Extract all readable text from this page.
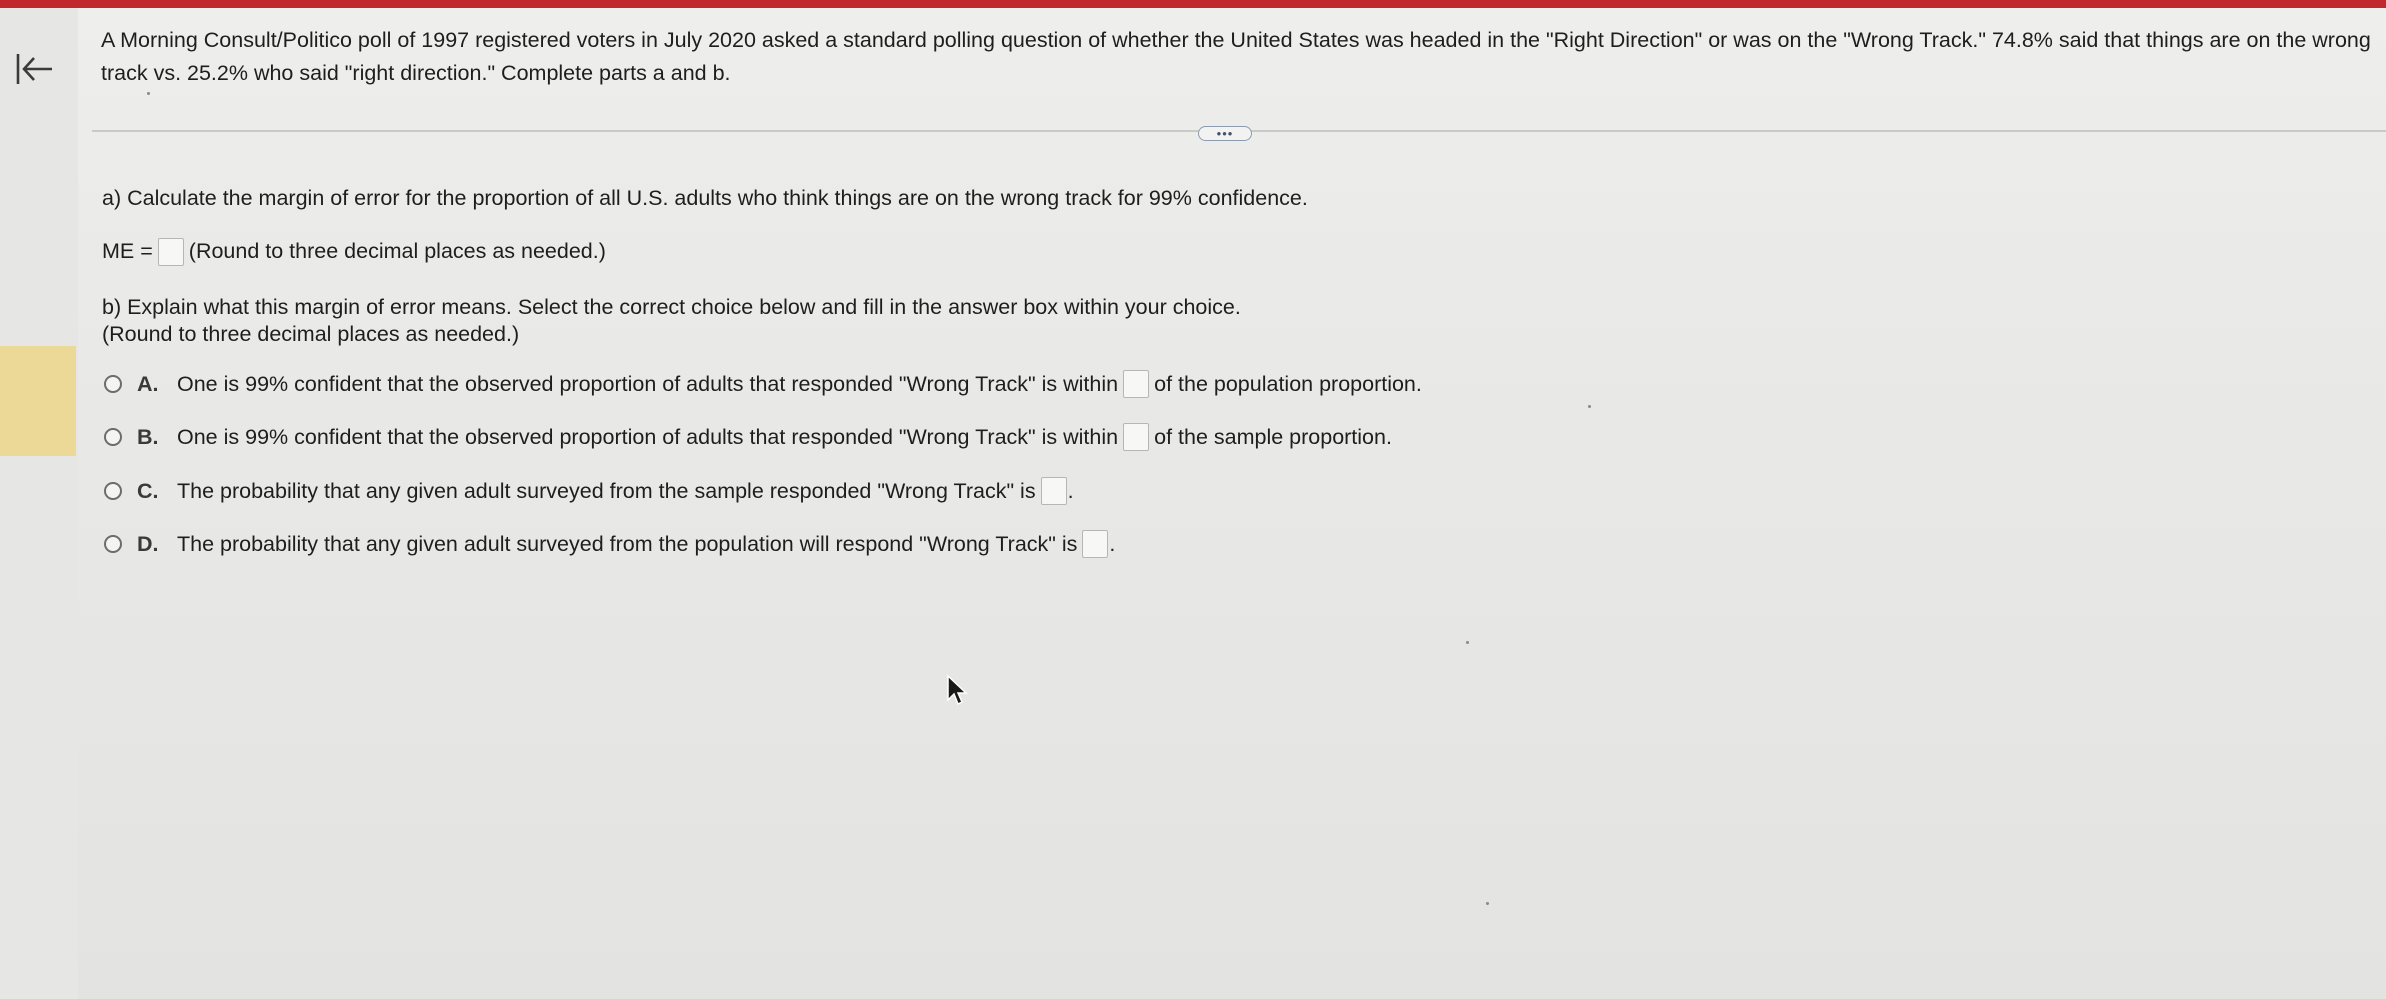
A Morning Consult/Politico poll of 1997 registered voters in July 2020 asked a standard polling question of whether the United States was headed in the "Right Direction" or was on the "Wrong Track." 74.8% said that things are on the wrong track vs. 25.2% who said "right direction." Complete parts a and b.
•••
a) Calculate the margin of error for the proportion of all U.S. adults who think things are on the wrong track for 99% confidence.
ME = (Round to three decimal places as needed.)
b) Explain what this margin of error means. Select the correct choice below and fill in the answer box within your choice.
(Round to three decimal places as needed.)
A. One is 99% confident that the observed proportion of adults that responded "Wrong Track" is within of the population proportion.
B. One is 99% confident that the observed proportion of adults that responded "Wrong Track" is within of the sample proportion.
C. The probability that any given adult surveyed from the sample responded "Wrong Track" is .
D. The probability that any given adult surveyed from the population will respond "Wrong Track" is .
